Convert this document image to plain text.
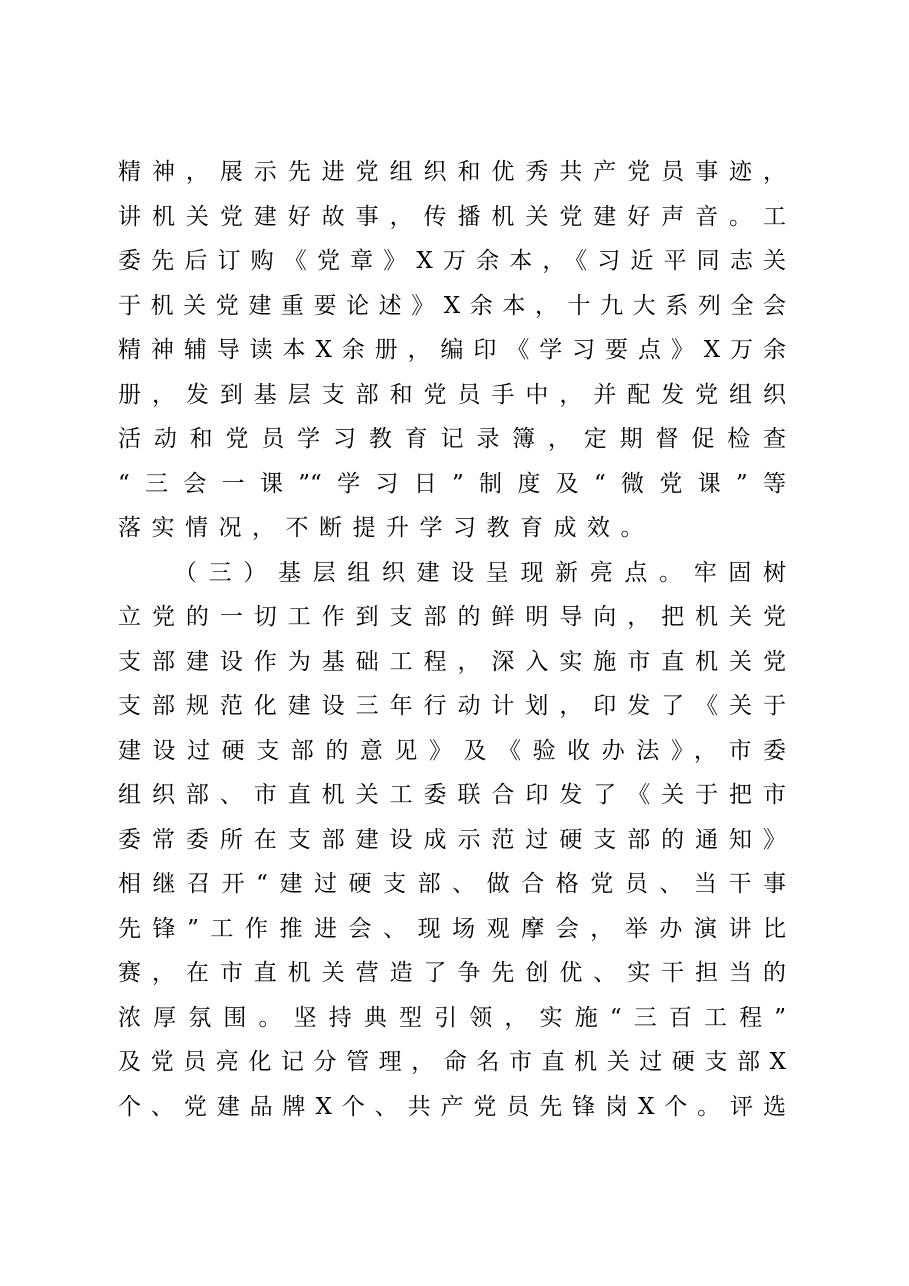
精神，展示先进党组织和优秀共产党员事迹，
讲机关党建好故事，传播机关党建好声音。工
委先后订购《党章》X万余本，《习近平同志关
于机关党建重要论述》X余本，十九大系列全会
精神辅导读本X余册，编印《学习要点》X万余
册，发到基层支部和党员手中，并配发党组织
活动和党员学习教育记录簿，定期督促检查
“三会一课”“学习日”制度及“微党课”等
落实情况，不断提升学习教育成效。
（三）基层组织建设呈现新亮点。牢固树
立党的一切工作到支部的鲜明导向，把机关党
支部建设作为基础工程，深入实施市直机关党
支部规范化建设三年行动计划，印发了《关于
建设过硬支部的意见》及《验收办法》，市委
组织部、市直机关工委联合印发了《关于把市
委常委所在支部建设成示范过硬支部的通知》
相继召开“建过硬支部、做合格党员、当干事
先锋”工作推进会、现场观摩会，举办演讲比
赛，在市直机关营造了争先创优、实干担当的
浓厚氛围。坚持典型引领，实施“三百工程”
及党员亮化记分管理，命名市直机关过硬支部X
个、党建品牌X个、共产党员先锋岗X个。评选
